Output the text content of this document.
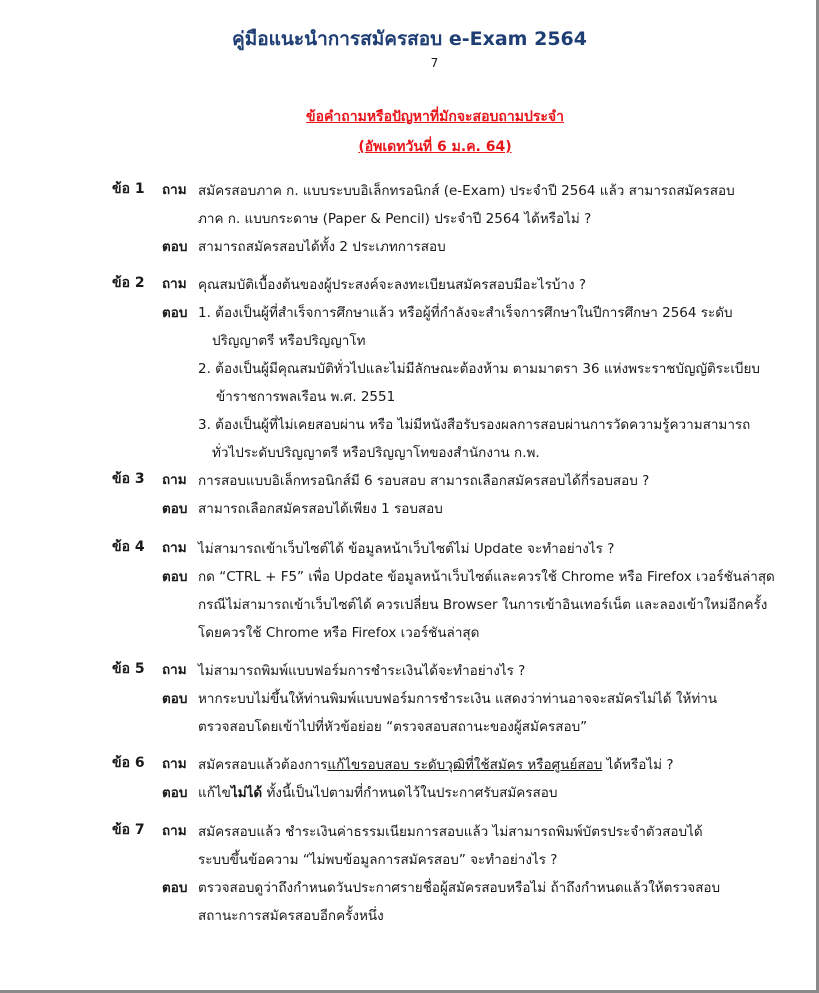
คู่มือแนะนำการสมัครสอบ e-Exam 2564
7
ข้อคำถามหรือปัญหาที่มักจะสอบถามประจำ
(อัพเดทวันที่ 6 ม.ค. 64)
ข้อ 1 ถาม สมัครสอบภาค ก. แบบระบบอิเล็กทรอนิกส์ (e-Exam) ประจำปี 2564 แล้ว สามารถสมัครสอบ
ภาค ก. แบบกระดาษ (Paper & Pencil) ประจำปี 2564 ได้หรือไม่ ?
ตอบ สามารถสมัครสอบได้ทั้ง 2 ประเภทการสอบ
ข้อ 2 ถาม คุณสมบัติเบื้องต้นของผู้ประสงค์จะลงทะเบียนสมัครสอบมีอะไรบ้าง ?
ตอบ 1. ต้องเป็นผู้ที่สำเร็จการศึกษาแล้ว หรือผู้ที่กำลังจะสำเร็จการศึกษาในปีการศึกษา 2564 ระดับ
ปริญญาตรี หรือปริญญาโท
2. ต้องเป็นผู้มีคุณสมบัติทั่วไปและไม่มีลักษณะต้องห้าม ตามมาตรา 36 แห่งพระราชบัญญัติระเบียบ
ข้าราชการพลเรือน พ.ศ. 2551
3. ต้องเป็นผู้ที่ไม่เคยสอบผ่าน หรือ ไม่มีหนังสือรับรองผลการสอบผ่านการวัดความรู้ความสามารถ
ทั่วไประดับปริญญาตรี หรือปริญญาโทของสำนักงาน ก.พ.
ข้อ 3 ถาม การสอบแบบอิเล็กทรอนิกส์มี 6 รอบสอบ สามารถเลือกสมัครสอบได้กี่รอบสอบ ?
ตอบ สามารถเลือกสมัครสอบได้เพียง 1 รอบสอบ
ข้อ 4 ถาม ไม่สามารถเข้าเว็บไซต์ได้ ข้อมูลหน้าเว็บไซต์ไม่ Update จะทำอย่างไร ?
ตอบ กด “CTRL + F5” เพื่อ Update ข้อมูลหน้าเว็บไซต์และควรใช้ Chrome หรือ Firefox เวอร์ชันล่าสุด
กรณีไม่สามารถเข้าเว็บไซต์ได้ ควรเปลี่ยน Browser ในการเข้าอินเทอร์เน็ต และลองเข้าใหม่อีกครั้ง
โดยควรใช้ Chrome หรือ Firefox เวอร์ชันล่าสุด
ข้อ 5 ถาม ไม่สามารถพิมพ์แบบฟอร์มการชำระเงินได้จะทำอย่างไร ?
ตอบ หากระบบไม่ขึ้นให้ท่านพิมพ์แบบฟอร์มการชำระเงิน แสดงว่าท่านอาจจะสมัครไม่ได้ ให้ท่าน
ตรวจสอบโดยเข้าไปที่หัวข้อย่อย “ตรวจสอบสถานะของผู้สมัครสอบ”
ข้อ 6 ถาม สมัครสอบแล้วต้องการแก้ไขรอบสอบ ระดับวุฒิที่ใช้สมัคร หรือศูนย์สอบ ได้หรือไม่ ?
ตอบ แก้ไขไม่ได้ ทั้งนี้เป็นไปตามที่กำหนดไว้ในประกาศรับสมัครสอบ
ข้อ 7 ถาม สมัครสอบแล้ว ชำระเงินค่าธรรมเนียมการสอบแล้ว ไม่สามารถพิมพ์บัตรประจำตัวสอบได้
ระบบขึ้นข้อความ “ไม่พบข้อมูลการสมัครสอบ” จะทำอย่างไร ?
ตอบ ตรวจสอบดูว่าถึงกำหนดวันประกาศรายชื่อผู้สมัครสอบหรือไม่ ถ้าถึงกำหนดแล้วให้ตรวจสอบ
สถานะการสมัครสอบอีกครั้งหนึ่ง
